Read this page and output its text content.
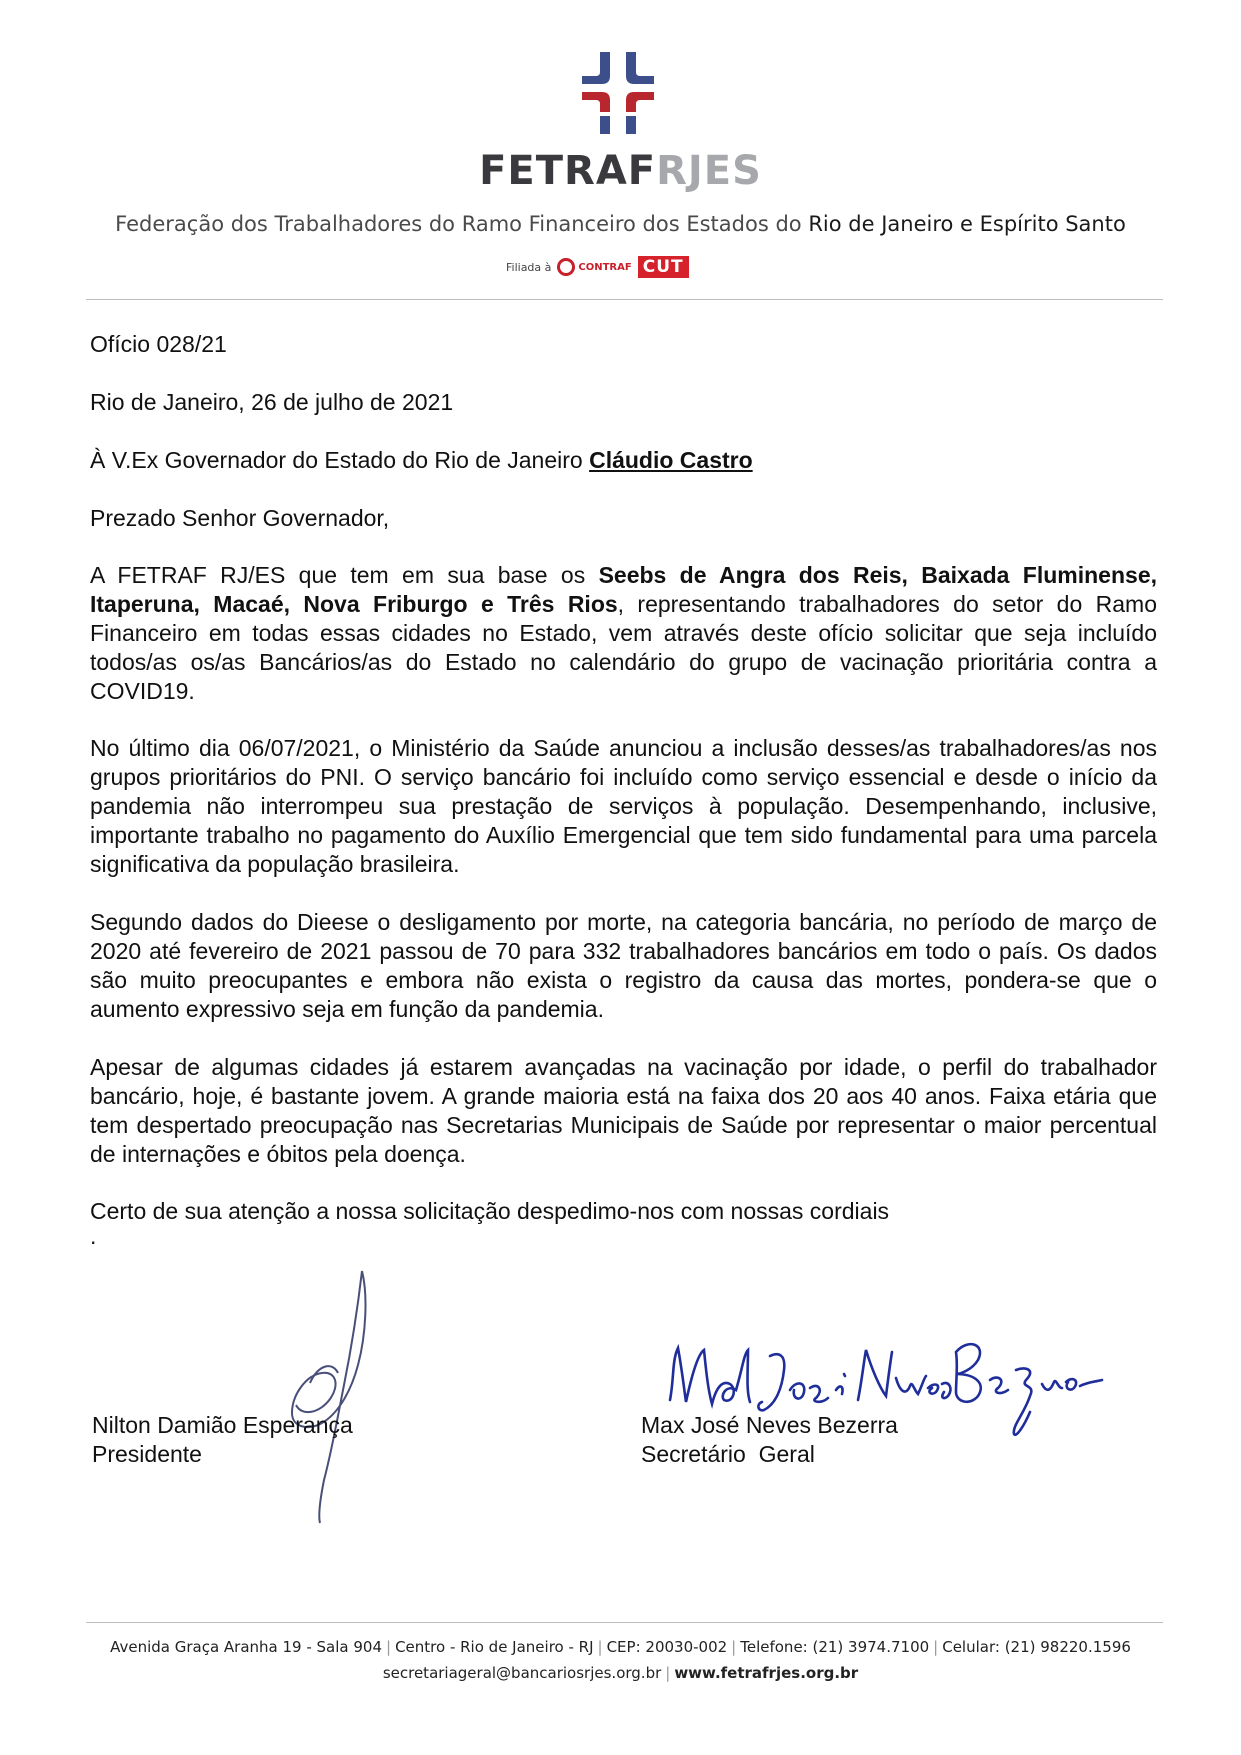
FETRAFRJES
Federação dos Trabalhadores do Ramo Financeiro dos Estados do Rio de Janeiro e Espírito Santo
Filiada à	CONTRAF CUT
Ofício 028/21
Rio de Janeiro, 26 de julho de 2021
À V.Ex Governador do Estado do Rio de Janeiro Cláudio Castro
Prezado Senhor Governador,
A FETRAF RJ/ES que tem em sua base os Seebs de Angra dos Reis, Baixada Fluminense, Itaperuna, Macaé, Nova Friburgo e Três Rios, representando trabalhadores do setor do Ramo Financeiro em todas essas cidades no Estado, vem através deste ofício solicitar que seja incluído todos/as os/as Bancários/as do Estado no calendário do grupo de vacinação prioritária contra a COVID19.
No último dia 06/07/2021, o Ministério da Saúde anunciou a inclusão desses/as trabalhadores/as nos grupos prioritários do PNI. O serviço bancário foi incluído como serviço essencial e desde o início da pandemia não interrompeu sua prestação de serviços à população. Desempenhando, inclusive, importante trabalho no pagamento do Auxílio Emergencial que tem sido fundamental para uma parcela significativa da população brasileira.
Segundo dados do Dieese o desligamento por morte, na categoria bancária, no período de março de 2020 até fevereiro de 2021 passou de 70 para 332 trabalhadores bancários em todo o país. Os dados são muito preocupantes e embora não exista o registro da causa das mortes, pondera-se que o aumento expressivo seja em função da pandemia.
Apesar de algumas cidades já estarem avançadas na vacinação por idade, o perfil do trabalhador bancário, hoje, é bastante jovem. A grande maioria está na faixa dos 20 aos 40 anos. Faixa etária que tem despertado preocupação nas Secretarias Municipais de Saúde por representar o maior percentual de internações e óbitos pela doença.
Certo de sua atenção a nossa solicitação despedimo-nos com nossas cordiais
.
Nilton Damião Esperança
Presidente
Max José Neves Bezerra
Secretário  Geral
Avenida Graça Aranha 19 - Sala 904 | Centro - Rio de Janeiro - RJ | CEP: 20030-002 | Telefone: (21) 3974.7100 | Celular: (21) 98220.1596
secretariageral@bancariosrjes.org.br | www.fetrafrjes.org.br
